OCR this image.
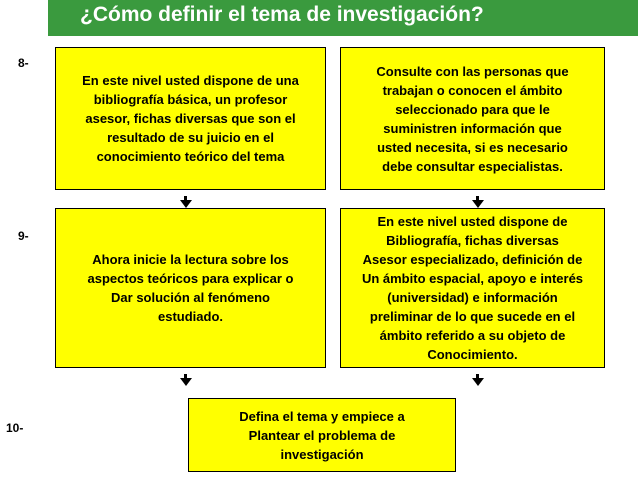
¿Cómo definir el tema de investigación?
8-
9-
10-
En este nivel usted dispone de una
bibliografía básica, un profesor
asesor, fichas diversas que son el
resultado de su juicio en el
conocimiento teórico del tema
Consulte con las personas que
trabajan o conocen el ámbito
seleccionado para que le
suministren información que
usted necesita, si es necesario
debe consultar especialistas.
Ahora inicie la lectura sobre los
aspectos teóricos para explicar o
Dar solución al fenómeno
estudiado.
En este nivel usted dispone de
Bibliografía, fichas diversas
Asesor especializado, definición de
Un ámbito espacial, apoyo e interés
(universidad) e información
preliminar de lo que sucede en el
ámbito referido a su objeto de
Conocimiento.
Defina el tema y empiece a
Plantear el problema de
investigación
